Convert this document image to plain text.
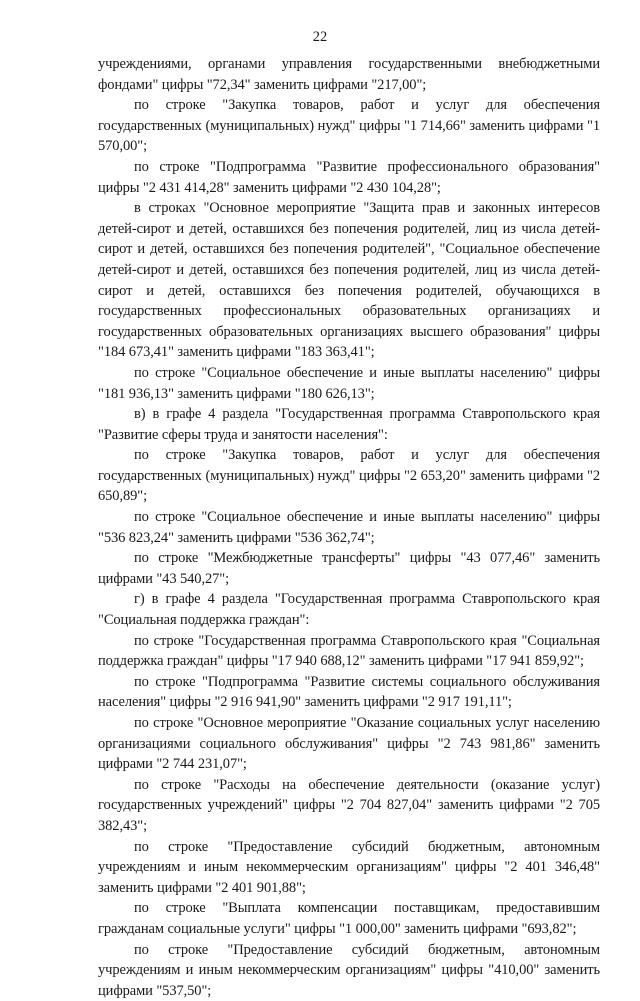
22

учреждениями, органами управления государственными внебюджетными фондами" цифры "72,34" заменить цифрами "217,00";

по строке "Закупка товаров, работ и услуг для обеспечения государственных (муниципальных) нужд" цифры "1 714,66" заменить цифрами "1 570,00";

по строке "Подпрограмма "Развитие профессионального образования" цифры "2 431 414,28" заменить цифрами "2 430 104,28";

в строках "Основное мероприятие "Защита прав и законных интересов детей-сирот и детей, оставшихся без попечения родителей, лиц из числа детей-сирот и детей, оставшихся без попечения родителей", "Социальное обеспечение детей-сирот и детей, оставшихся без попечения родителей, лиц из числа детей-сирот и детей, оставшихся без попечения родителей, обучающихся в государственных профессиональных образовательных организациях и государственных образовательных организациях высшего образования" цифры "184 673,41" заменить цифрами "183 363,41";

по строке "Социальное обеспечение и иные выплаты населению" цифры "181 936,13" заменить цифрами "180 626,13";

в) в графе 4 раздела "Государственная программа Ставропольского края "Развитие сферы труда и занятости населения":

по строке "Закупка товаров, работ и услуг для обеспечения государственных (муниципальных) нужд" цифры "2 653,20" заменить цифрами "2 650,89";

по строке "Социальное обеспечение и иные выплаты населению" цифры "536 823,24" заменить цифрами "536 362,74";

по строке "Межбюджетные трансферты" цифры "43 077,46" заменить цифрами "43 540,27";

г) в графе 4 раздела "Государственная программа Ставропольского края "Социальная поддержка граждан":

по строке "Государственная программа Ставропольского края "Социальная поддержка граждан" цифры "17 940 688,12" заменить цифрами "17 941 859,92";

по строке "Подпрограмма "Развитие системы социального обслуживания населения" цифры "2 916 941,90" заменить цифрами "2 917 191,11";

по строке "Основное мероприятие "Оказание социальных услуг населению организациями социального обслуживания" цифры "2 743 981,86" заменить цифрами "2 744 231,07";

по строке "Расходы на обеспечение деятельности (оказание услуг) государственных учреждений" цифры "2 704 827,04" заменить цифрами "2 705 382,43";

по строке "Предоставление субсидий бюджетным, автономным учреждениям и иным некоммерческим организациям" цифры "2 401 346,48" заменить цифрами "2 401 901,88";

по строке "Выплата компенсации поставщикам, предоставившим гражданам социальные услуги" цифры "1 000,00" заменить цифрами "693,82";

по строке "Предоставление субсидий бюджетным, автономным учреждениям и иным некоммерческим организациям" цифры "410,00" заменить цифрами "537,50";
